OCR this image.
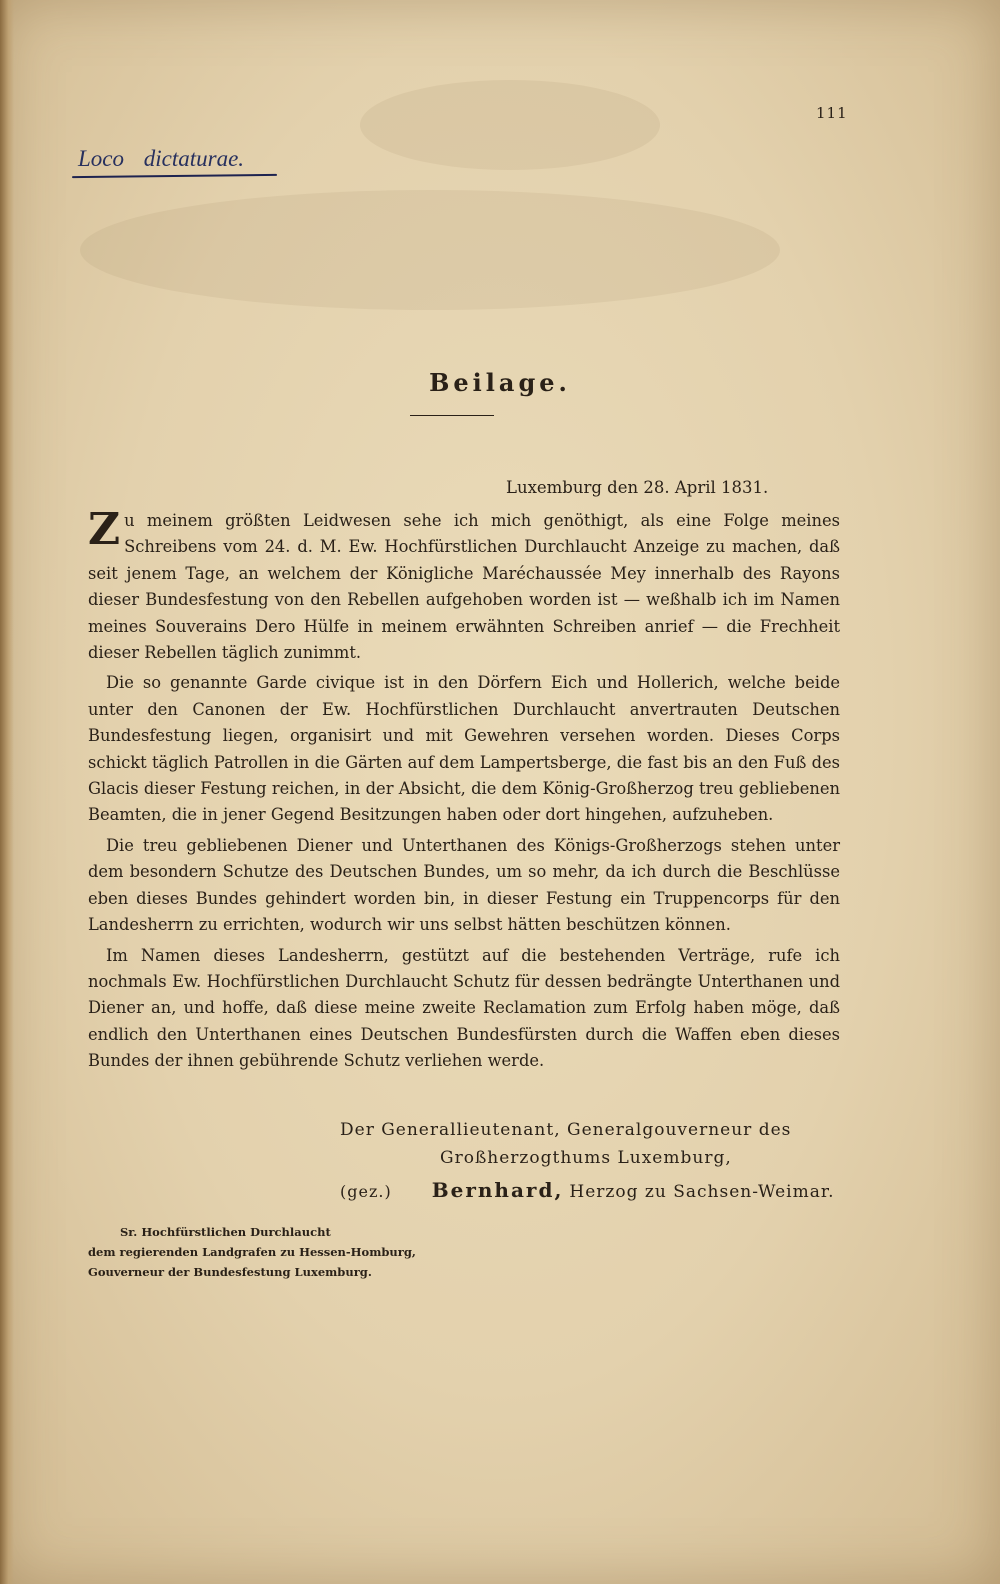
111
Loco dictaturae.
Beilage.
Luxemburg den 28. April 1831.

Zu meinem größten Leidwesen sehe ich mich genöthigt, als eine Folge meines Schreibens vom 24. d. M. Ew. Hochfürstlichen Durchlaucht Anzeige zu machen, daß seit jenem Tage, an welchem der Königliche Maréchaussée Mey innerhalb des Rayons dieser Bundesfestung von den Rebellen aufgehoben worden ist — weßhalb ich im Namen meines Souverains Dero Hülfe in meinem erwähnten Schreiben anrief — die Frechheit dieser Rebellen täglich zunimmt.

Die so genannte Garde civique ist in den Dörfern Eich und Hollerich, welche beide unter den Canonen der Ew. Hochfürstlichen Durchlaucht anvertrauten Deutschen Bundesfestung liegen, organisirt und mit Gewehren versehen worden. Dieses Corps schickt täglich Patrollen in die Gärten auf dem Lampertsberge, die fast bis an den Fuß des Glacis dieser Festung reichen, in der Absicht, die dem König-Großherzog treu gebliebenen Beamten, die in jener Gegend Besitzungen haben oder dort hingehen, aufzuheben.

Die treu gebliebenen Diener und Unterthanen des Königs-Großherzogs stehen unter dem besondern Schutze des Deutschen Bundes, um so mehr, da ich durch die Beschlüsse eben dieses Bundes gehindert worden bin, in dieser Festung ein Truppencorps für den Landesherrn zu errichten, wodurch wir uns selbst hätten beschützen können.

Im Namen dieses Landesherrn, gestützt auf die bestehenden Verträge, rufe ich nochmals Ew. Hochfürstlichen Durchlaucht Schutz für dessen bedrängte Unterthanen und Diener an, und hoffe, daß diese meine zweite Reclamation zum Erfolg haben möge, daß endlich den Unterthanen eines Deutschen Bundesfürsten durch die Waffen eben dieses Bundes der ihnen gebührende Schutz verliehen werde.

Der Generallieutenant, Generalgouverneur des
Großherzogthums Luxemburg,
(gez.) Bernhard, Herzog zu Sachsen-Weimar.
Sr. Hochfürstlichen Durchlaucht
dem regierenden Landgrafen zu Hessen-Homburg,
Gouverneur der Bundesfestung Luxemburg.
